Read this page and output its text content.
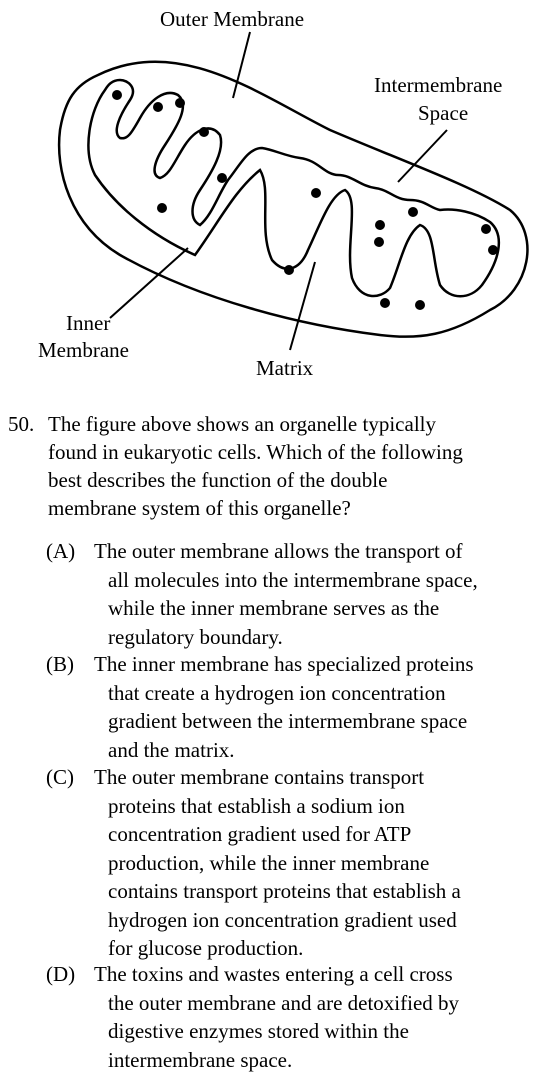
Outer Membrane
Intermembrane
Space
Inner
Membrane
Matrix
50. The figure above shows an organelle typically
found in eukaryotic cells. Which of the following
best describes the function of the double
membrane system of this organelle?
(A) The outer membrane allows the transport of
all molecules into the intermembrane space,
while the inner membrane serves as the
regulatory boundary.
(B) The inner membrane has specialized proteins
that create a hydrogen ion concentration
gradient between the intermembrane space
and the matrix.
(C) The outer membrane contains transport
proteins that establish a sodium ion
concentration gradient used for ATP
production, while the inner membrane
contains transport proteins that establish a
hydrogen ion concentration gradient used
for glucose production.
(D) The toxins and wastes entering a cell cross
the outer membrane and are detoxified by
digestive enzymes stored within the
intermembrane space.
